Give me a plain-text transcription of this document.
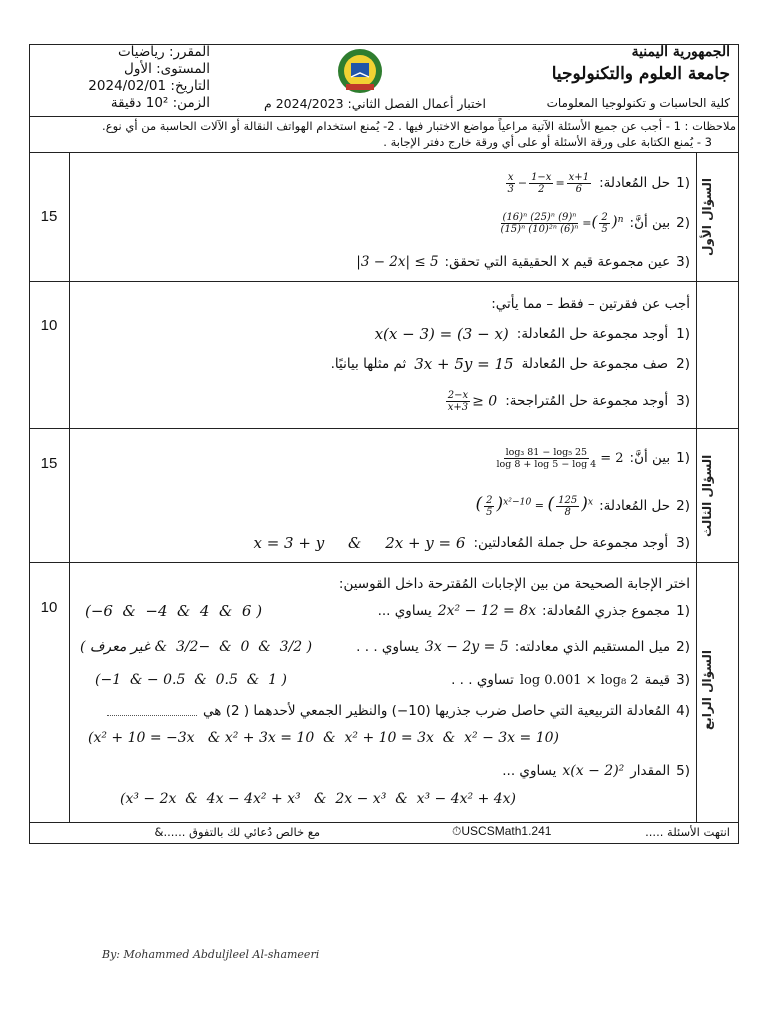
المقرر: رياضيات
المستوى: الأول
التاريخ: 2024/02/01
الزمن: 10² دقيقة	اختبار أعمال الفصل الثاني: 2024/2023 م
الجمهورية اليمنية
جامعة العلوم والتكنولوجيا
كلية الحاسبات و تكنولوجيا المعلومات
ملاحظات : 1 - أجب عن جميع الأسئلة الآتية مراعياً مواضع الاختبار فيها . 2- يُمنع استخدام الهواتف النقالة أو الآلات الحاسبة من أي نوع.
3 - يُمنع الكتابة على ورقة الأسئلة أو على أي ورقة خارج دفتر الإجابة .
السؤال الأول
15
1)
حل المُعادلة:
$\frac{x}{3} - \frac{1-x}{2} = \frac{x+1}{6}$
2)
بين أنَّ:
$\frac{\text{(16)ⁿ (25)ⁿ (9)ⁿ}}{\text{(15)ⁿ (10)²ⁿ (6)ⁿ}}$ =( $\frac{2}{5} )^n$
3)
عين مجموعة قيم x الحقيقية التي تحقق:
|3 − 2x| ≤ 5
10
أجب عن فقرتين – فقط – مما يأتي:
1)
أوجد مجموعة حل المُعادلة:
x(x − 3) = (3 − x)
2)
صف مجموعة حل المُعادلة
3x + 5y = 15
ثم مثلها بيانيًا.
3)
أوجد مجموعة حل المُتراجحة:
$\frac{2-x}{x+3} \ge 0$
السؤال الثالث
15	1)
بين أنَّ:
$\frac{\text{log₃ 81 − log₅ 25}}{\log 8 + \log 5 - \log 4} = 2$
2)
حل المُعادلة:
( $\frac{2}{5} )^{x^2-10}$ = ( $\frac{125}{8} )^x$
3)
أوجد مجموعة حل جملة المُعادلتين:
x = 3 + y     &     2x + y = 6
السؤال الرابع
10
اختر الإجابة الصحيحة من بين الإجابات المُقترحة داخل القوسين:
1)
مجموع جذري المُعادلة:
2x² − 12 = 8x
يساوي ...
(−6  &  −4  &  4  &  6 )
2)
ميل المستقيم الذي معادلته:
3x − 2y = 5
يساوي . . .
( 3/2  &  0  &  −3/2  & غير معرف )
3)
قيمة
log 0.001 × log₈ 2
تساوي . . .
(−1  & − 0.5  &  0.5  &  1 )
4)
المُعادلة التربيعية التي حاصل ضرب جذريها (10−) والنظير الجمعي لأحدهما ( 2) هي
(x² + 10 = −3x   & x² + 3x = 10  &  x² + 10 = 3x  &  x² − 3x = 10)
5)
المقدار
x(x − 2)²
يساوي ...
(x³ − 2x  &  4x − 4x² + x³   &  2x − x³  &  x³ − 4x² + 4x)
انتهت الأسئلة .....
⏱USCSMath1.241
مع خالص دُعائي لك بالتفوق ......&
By: Mohammed Abduljleel Al-shameeri
